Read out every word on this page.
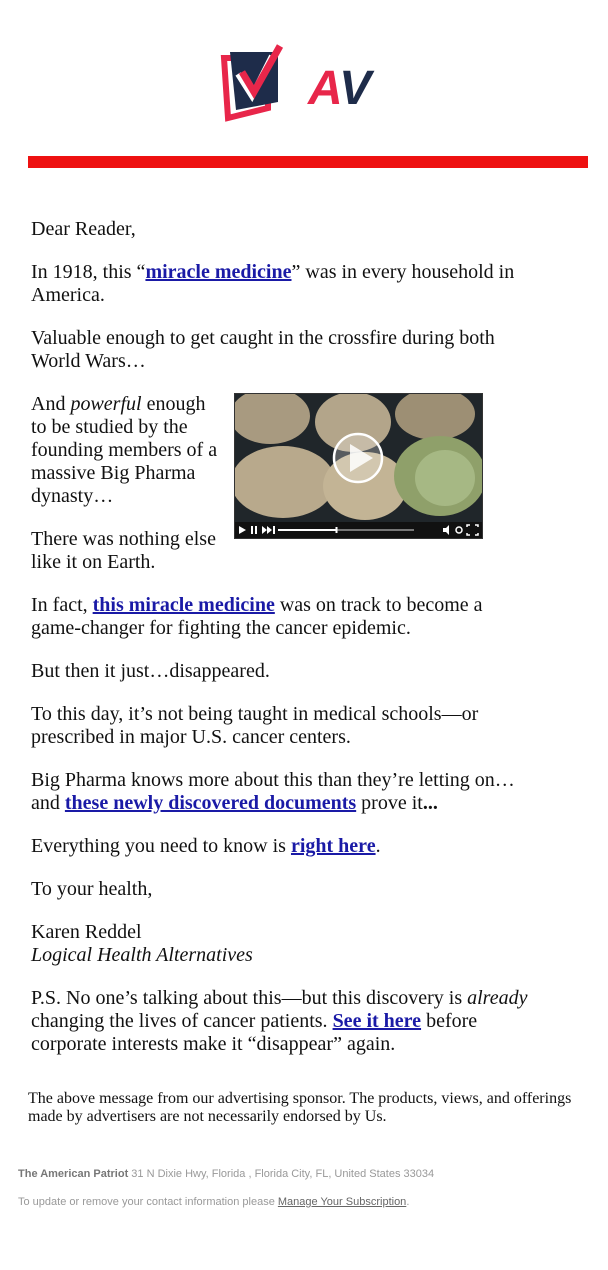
AV

Dear Reader,

In 1918, this “miracle medicine” was in every household in America.

Valuable enough to get caught in the crossfire during both World Wars…

And powerful enough to be studied by the founding members of a massive Big Pharma dynasty…

There was nothing else like it on Earth.

In fact, this miracle medicine was on track to become a game-changer for fighting the cancer epidemic.

But then it just…disappeared.

To this day, it’s not being taught in medical schools—or prescribed in major U.S. cancer centers.

Big Pharma knows more about this than they’re letting on… and these newly discovered documents prove it...

Everything you need to know is right here.

To your health,

Karen Reddel
Logical Health Alternatives

P.S. No one’s talking about this—but this discovery is already changing the lives of cancer patients. See it here before corporate interests make it “disappear” again.

The above message from our advertising sponsor. The products, views, and offerings made by advertisers are not necessarily endorsed by Us.
The American Patriot 31 N Dixie Hwy, Florida , Florida City, FL, United States 33034
To update or remove your contact information please Manage Your Subscription.
